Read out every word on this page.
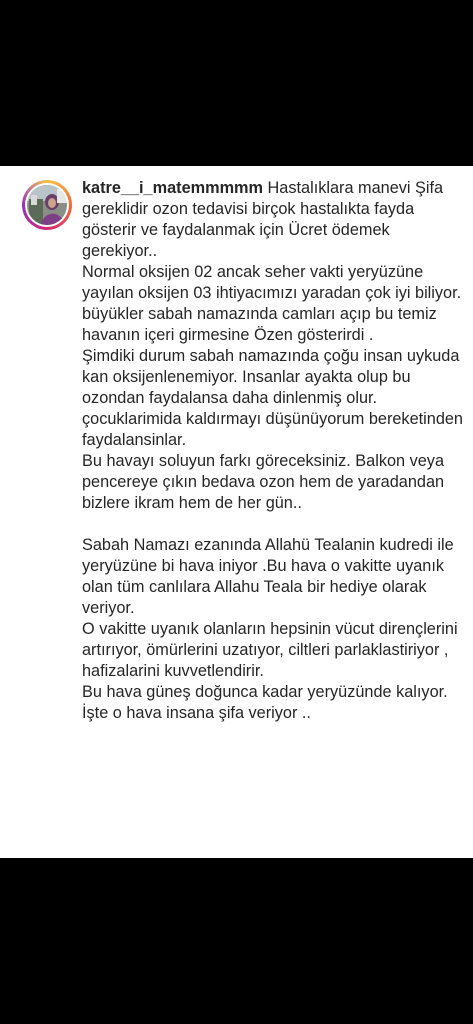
katre__i_matemmmmm Hastalıklara manevi Şifa gereklidir ozon tedavisi birçok hastalıkta fayda gösterir ve faydalanmak için Ücret ödemek gerekiyor..
Normal oksijen 02 ancak seher vakti yeryüzüne yayılan oksijen 03 ihtiyacımızı yaradan çok iyi biliyor. büyükler sabah namazında camları açıp bu temiz havanın içeri girmesine Özen gösterirdi .
Şimdiki durum sabah namazında çoğu insan uykuda kan oksijenlenemiyor. Insanlar ayakta olup bu ozondan faydalansa daha dinlenmiş olur. çocuklarimida kaldırmayı düşünüyorum bereketinden faydalansinlar.
Bu havayı soluyun farkı göreceksiniz. Balkon veya pencereye çıkın bedava ozon hem de yaradandan bizlere ikram hem de her gün..

Sabah Namazı ezanında Allahü Tealanin kudredi ile yeryüzüne bi hava iniyor .Bu hava o vakitte uyanık olan tüm canlılara Allahu Teala bir hediye olarak veriyor.
O vakitte uyanık olanların hepsinin vücut dirençlerini artırıyor, ömürlerini uzatıyor, ciltleri parlaklastiriyor , hafizalarini kuvvetlendirir.
Bu hava güneş doğunca kadar yeryüzünde kalıyor.
İşte o hava insana şifa veriyor ..
